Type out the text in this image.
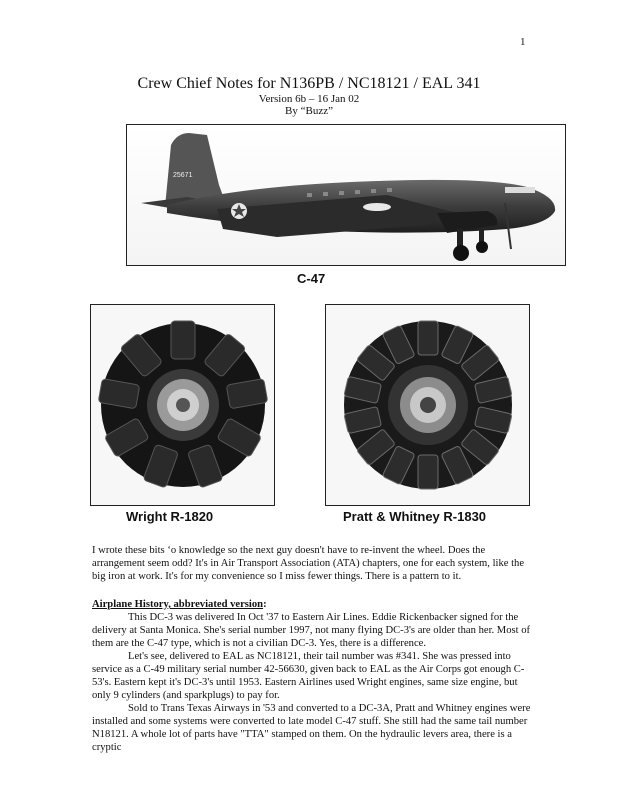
1
Crew Chief Notes for N136PB / NC18121 / EAL 341
Version 6b – 16 Jan 02
By “Buzz”
25671
C-47
Wright R-1820	Pratt & Whitney R-1830

I wrote these bits ‘o knowledge so the next guy doesn't have to re-invent the wheel. Does the arrangement seem odd? It's in Air Transport Association (ATA) chapters, one for each system, like the big iron at work. It's for my convenience so I miss fewer things. There is a pattern to it.

Airplane History, abbreviated version:

This DC-3 was delivered In Oct '37 to Eastern Air Lines. Eddie Rickenbacker signed for the delivery at Santa Monica. She's serial number 1997, not many flying DC-3's are older than her. Most of them are the C-47 type, which is not a civilian DC-3. Yes, there is a difference.

Let's see, delivered to EAL as NC18121, their tail number was #341. She was pressed into service as a C-49 military serial number 42-56630, given back to EAL as the Air Corps got enough C-53's. Eastern kept it's DC-3's until 1953. Eastern Airlines used Wright engines, same size engine, but only 9 cylinders (and sparkplugs) to pay for.

Sold to Trans Texas Airways in '53 and converted to a DC-3A, Pratt and Whitney engines were installed and some systems were converted to late model C-47 stuff. She still had the same tail number N18121. A whole lot of parts have "TTA" stamped on them. On the hydraulic levers area, there is a cryptic
